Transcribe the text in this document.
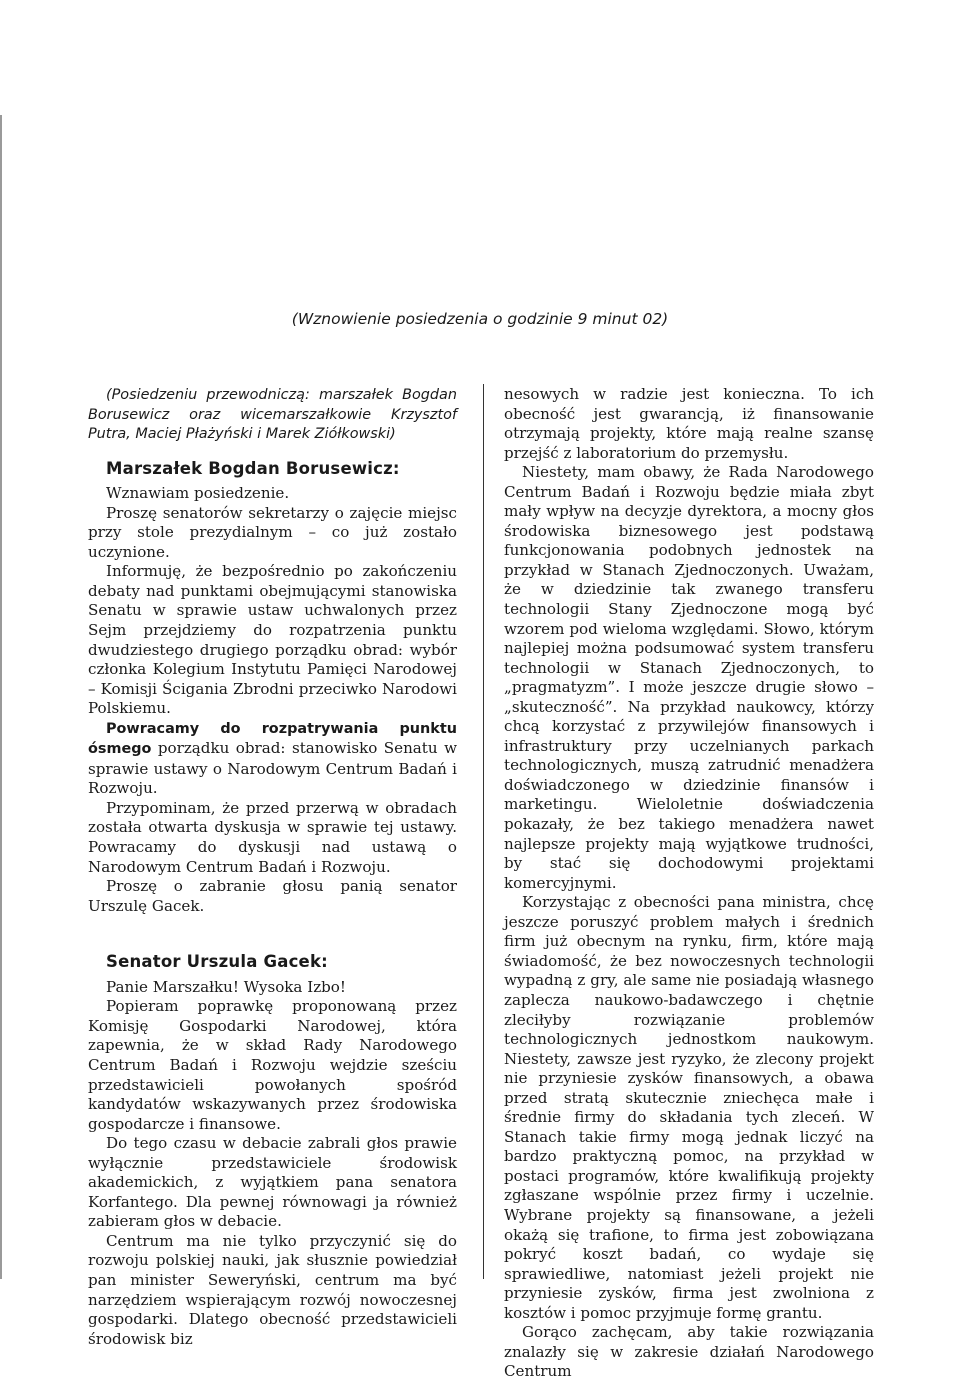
(Wznowienie posiedzenia o godzinie 9 minut 02)

(Posiedzeniu przewodniczą: marszałek Bogdan Borusewicz oraz wicemarszałkowie Krzysztof Putra, Maciej Płażyński i Marek Ziółkowski)

Marszałek Bogdan Borusewicz:

Wznawiam posiedzenie.

Proszę senatorów sekretarzy o zajęcie miejsc przy stole prezydialnym – co już zostało uczynione.

Informuję, że bezpośrednio po zakończeniu debaty nad punktami obejmującymi stanowiska Senatu w sprawie ustaw uchwalonych przez Sejm przejdziemy do rozpatrzenia punktu dwudziestego drugiego porządku obrad: wybór członka Kolegium Instytutu Pamięci Narodowej – Komisji Ścigania Zbrodni przeciwko Narodowi Polskiemu.

Powracamy do rozpatrywania punktu ósmego porządku obrad: stanowisko Senatu w sprawie ustawy o Narodowym Centrum Badań i Rozwoju.

Przypominam, że przed przerwą w obradach została otwarta dyskusja w sprawie tej ustawy. Powracamy do dyskusji nad ustawą o Narodowym Centrum Badań i Rozwoju.

Proszę o zabranie głosu panią senator Urszulę Gacek.

Senator Urszula Gacek:

Panie Marszałku! Wysoka Izbo!

Popieram poprawkę proponowaną przez Komisję Gospodarki Narodowej, która zapewnia, że w skład Rady Narodowego Centrum Badań i Rozwoju wejdzie sześciu przedstawicieli powołanych spośród kandydatów wskazywanych przez środowiska gospodarcze i finansowe.

Do tego czasu w debacie zabrali głos prawie wyłącznie przedstawiciele środowisk akademickich, z wyjątkiem pana senatora Korfantego. Dla pewnej równowagi ja również zabieram głos w debacie.

Centrum ma nie tylko przyczynić się do rozwoju polskiej nauki, jak słusznie powiedział pan minister Seweryński, centrum ma być narzędziem wspierającym rozwój nowoczesnej gospodarki. Dlatego obecność przedstawicieli środowisk biz

nesowych w radzie jest konieczna. To ich obecność jest gwarancją, iż finansowanie otrzymają projekty, które mają realne szansę przejść z laboratorium do przemysłu.

Niestety, mam obawy, że Rada Narodowego Centrum Badań i Rozwoju będzie miała zbyt mały wpływ na decyzje dyrektora, a mocny głos środowiska biznesowego jest podstawą funkcjonowania podobnych jednostek na przykład w Stanach Zjednoczonych. Uważam, że w dziedzinie tak zwanego transferu technologii Stany Zjednoczone mogą być wzorem pod wieloma względami. Słowo, którym najlepiej można podsumować system transferu technologii w Stanach Zjednoczonych, to „pragmatyzm”. I może jeszcze drugie słowo – „skuteczność”. Na przykład naukowcy, którzy chcą korzystać z przywilejów finansowych i infrastruktury przy uczelnianych parkach technologicznych, muszą zatrudnić menadżera doświadczonego w dziedzinie finansów i marketingu. Wieloletnie doświadczenia pokazały, że bez takiego menadżera nawet najlepsze projekty mają wyjątkowe trudności, by stać się dochodowymi projektami komercyjnymi.

Korzystając z obecności pana ministra, chcę jeszcze poruszyć problem małych i średnich firm już obecnym na rynku, firm, które mają świadomość, że bez nowoczesnych technologii wypadną z gry, ale same nie posiadają własnego zaplecza naukowo-badawczego i chętnie zleciłyby rozwiązanie problemów technologicznych jednostkom naukowym. Niestety, zawsze jest ryzyko, że zlecony projekt nie przyniesie zysków finansowych, a obawa przed stratą skutecznie zniechęca małe i średnie firmy do składania tych zleceń. W Stanach takie firmy mogą jednak liczyć na bardzo praktyczną pomoc, na przykład w postaci programów, które kwalifikują projekty zgłaszane wspólnie przez firmy i uczelnie. Wybrane projekty są finansowane, a jeżeli okażą się trafione, to firma jest zobowiązana pokryć koszt badań, co wydaje się sprawiedliwe, natomiast jeżeli projekt nie przyniesie zysków, firma jest zwolniona z kosztów i pomoc przyjmuje formę grantu.

Gorąco zachęcam, aby takie rozwiązania znalazły się w zakresie działań Narodowego Centrum
